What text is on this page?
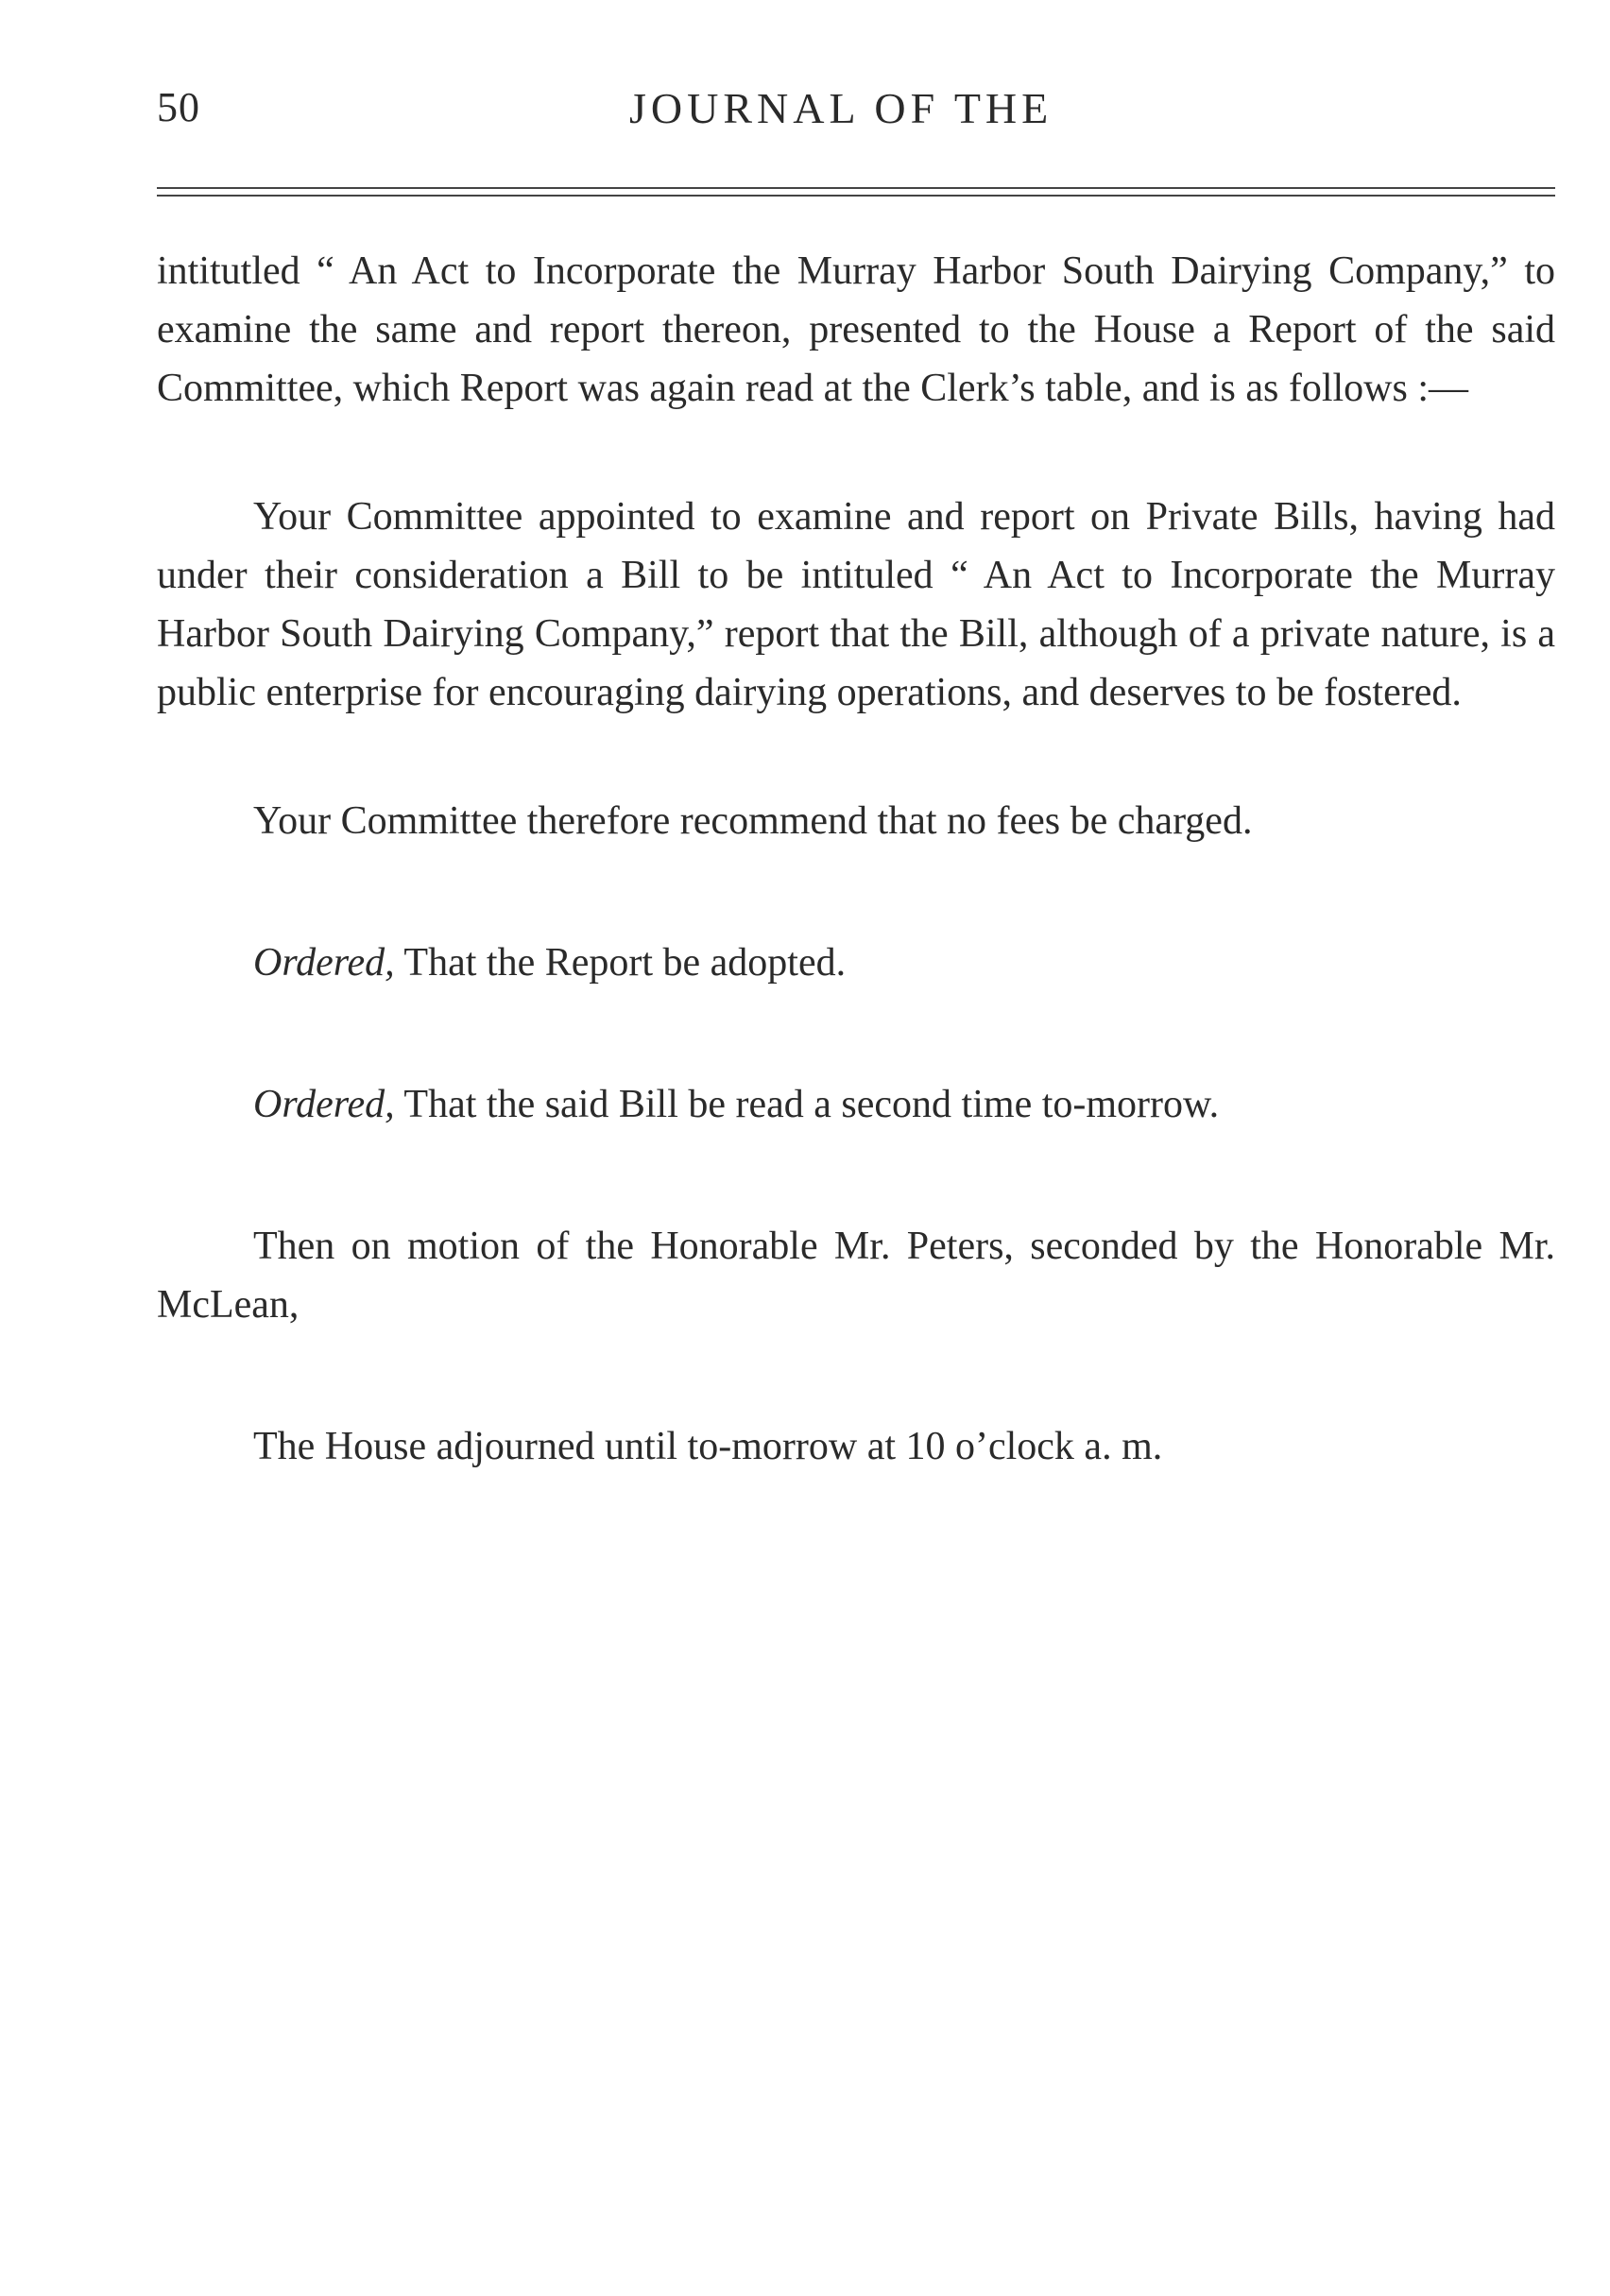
50	JOURNAL OF THE

intitutled “ An Act to Incorporate the Murray Harbor South Dairying Company,” to examine the same and report thereon, presented to the House a Report of the said Committee, which Report was again read at the Clerk’s table, and is as follows :—

Your Committee appointed to examine and report on Private Bills, having had under their consideration a Bill to be intituled “ An Act to Incorporate the Murray Harbor South Dairying Company,” report that the Bill, although of a private nature, is a public enterprise for encouraging dairying operations, and deserves to be fostered.

Your Committee therefore recommend that no fees be charged.

Ordered, That the Report be adopted.

Ordered, That the said Bill be read a second time to-morrow.

Then on motion of the Honorable Mr. Peters, seconded by the Honorable Mr. McLean,

The House adjourned until to-morrow at 10 o’clock a. m.
